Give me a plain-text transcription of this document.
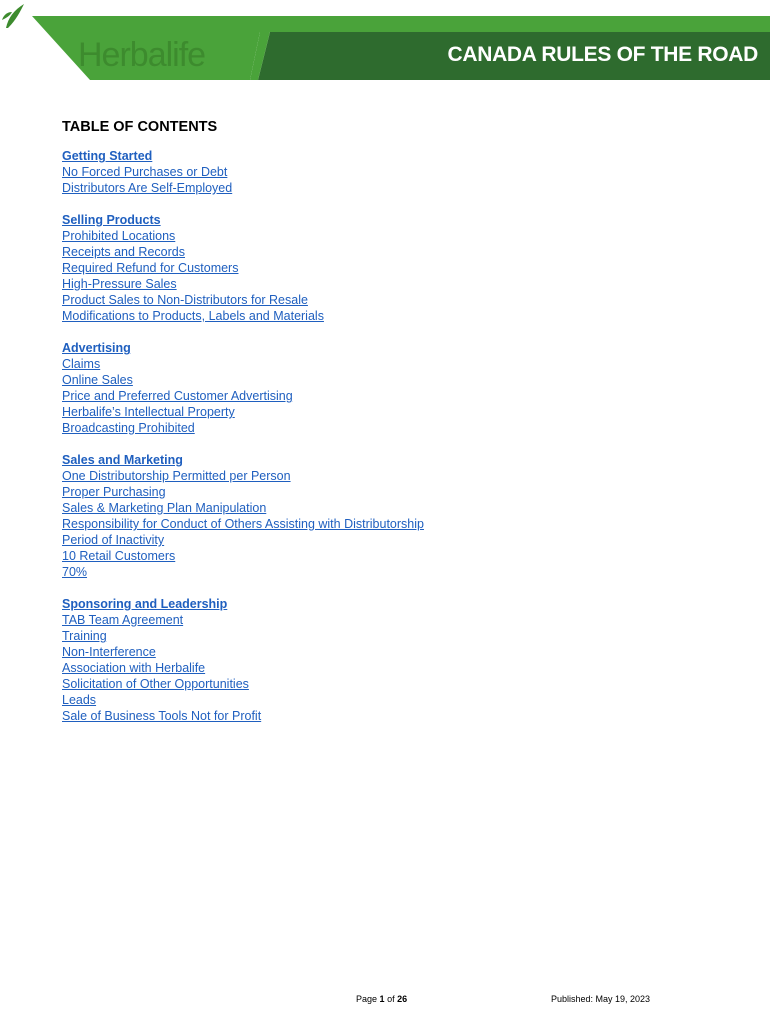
Herbalife	CANADA RULES OF THE ROAD
TABLE OF CONTENTS
Getting Started
No Forced Purchases or Debt
Distributors Are Self-Employed
Selling Products
Prohibited Locations
Receipts and Records
Required Refund for Customers
High-Pressure Sales
Product Sales to Non-Distributors for Resale
Modifications to Products, Labels and Materials
Advertising
Claims
Online Sales
Price and Preferred Customer Advertising
Herbalife’s Intellectual Property
Broadcasting Prohibited
Sales and Marketing
One Distributorship Permitted per Person
Proper Purchasing
Sales & Marketing Plan Manipulation
Responsibility for Conduct of Others Assisting with Distributorship
Period of Inactivity
10 Retail Customers
70%
Sponsoring and Leadership
TAB Team Agreement
Training
Non-Interference
Association with Herbalife
Solicitation of Other Opportunities
Leads
Sale of Business Tools Not for Profit
Page 1 of 26	Published: May 19, 2023
